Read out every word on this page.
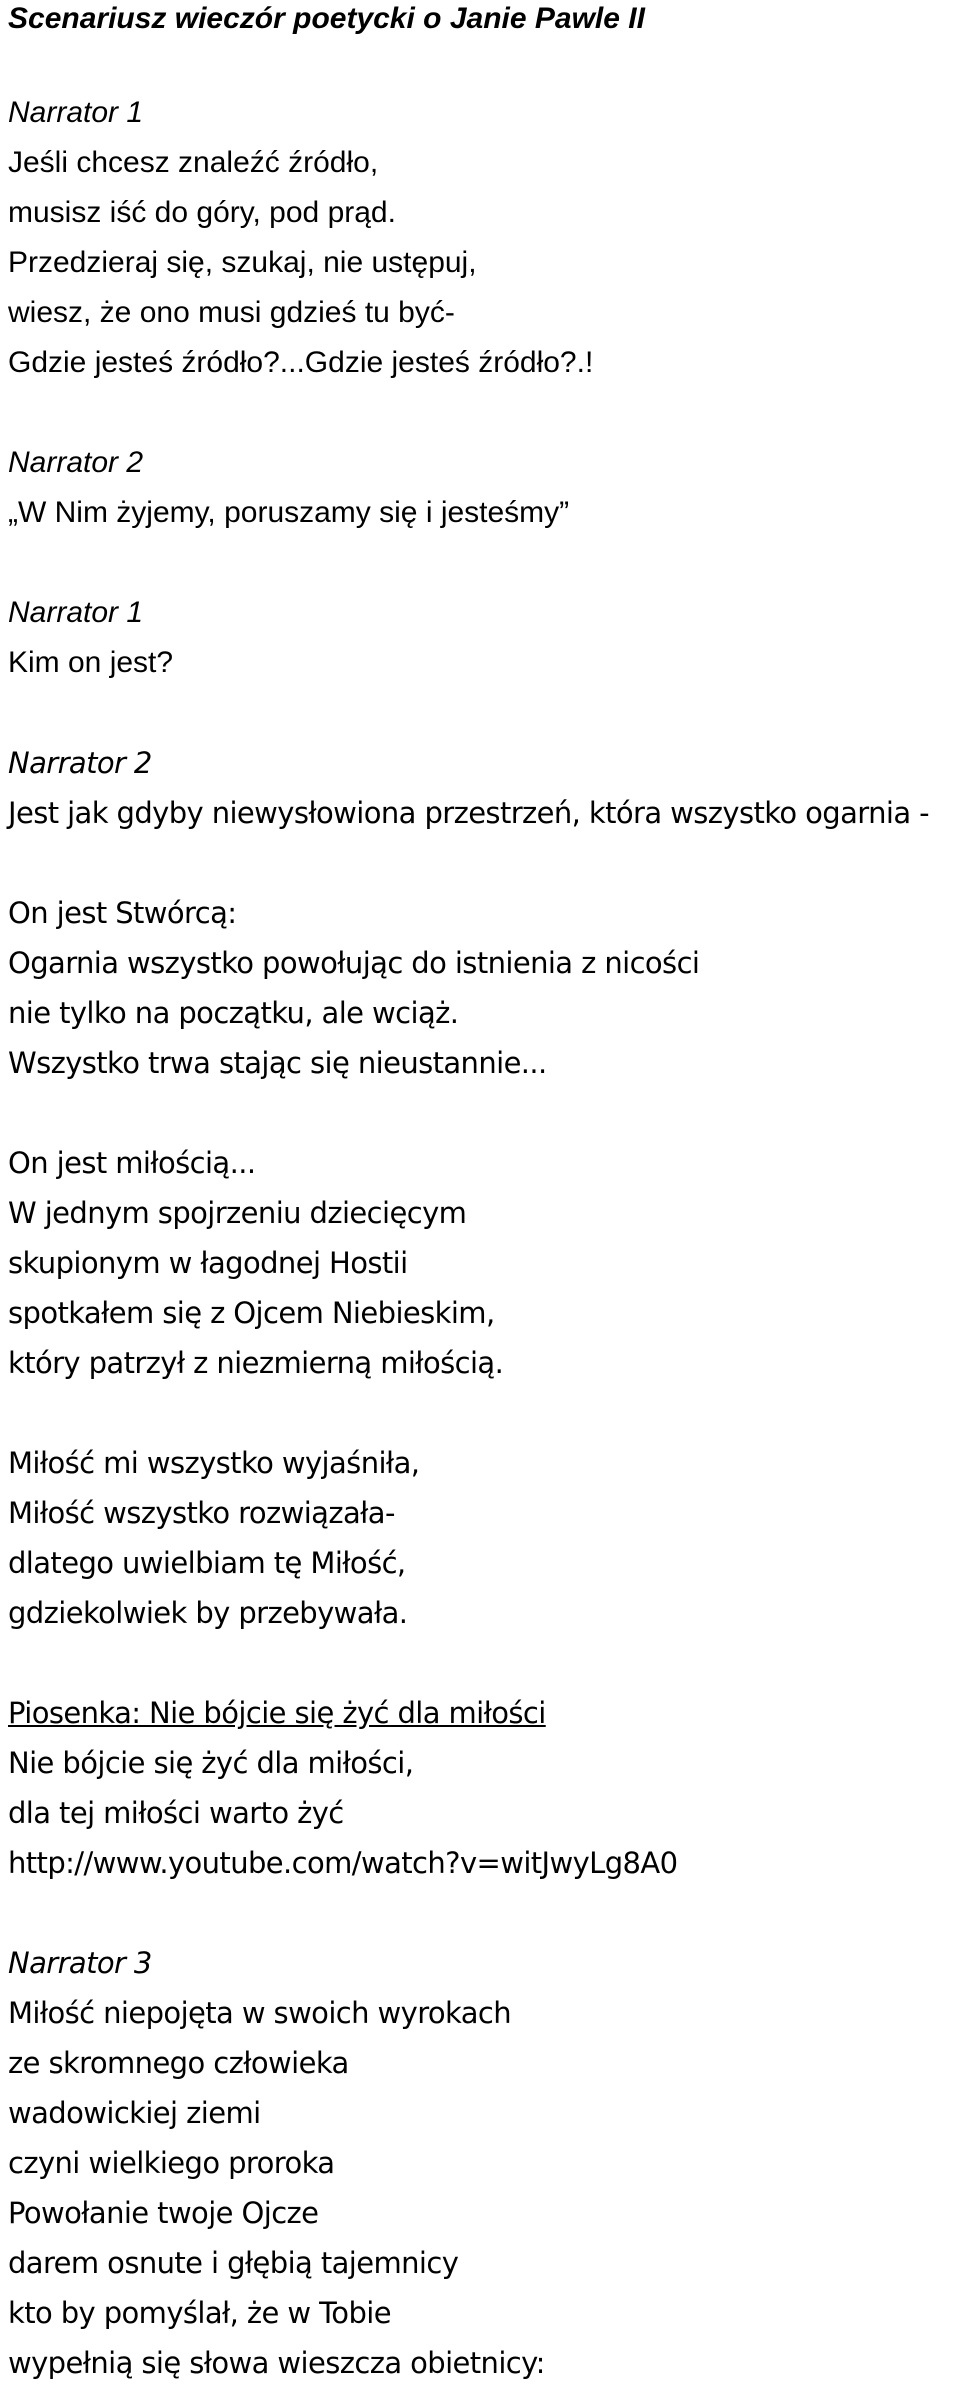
Scenariusz wieczór poetycki o Janie Pawle II
Narrator 1
Jeśli chcesz znaleźć źródło,
musisz iść do góry, pod prąd.
Przedzieraj się, szukaj, nie ustępuj,
wiesz, że ono musi gdzieś tu być-
Gdzie jesteś źródło?...Gdzie jesteś źródło?.!
Narrator 2
„W Nim żyjemy, poruszamy się i jesteśmy”
Narrator 1
Kim on jest?
Narrator 2
Jest jak gdyby niewysłowiona przestrzeń, która wszystko ogarnia -
On jest Stwórcą:
Ogarnia wszystko powołując do istnienia z nicości
nie tylko na początku, ale wciąż.
Wszystko trwa stając się nieustannie...
On jest miłością...
W jednym spojrzeniu dziecięcym
skupionym w łagodnej Hostii
spotkałem się z Ojcem Niebieskim,
który patrzył z niezmierną miłością.
Miłość mi wszystko wyjaśniła,
Miłość wszystko rozwiązała-
dlatego uwielbiam tę Miłość,
gdziekolwiek by przebywała.
Piosenka: Nie bójcie się żyć dla miłości
Nie bójcie się żyć dla miłości,
dla tej miłości warto żyć
http://www.youtube.com/watch?v=witJwyLg8A0
Narrator 3
Miłość niepojęta w swoich wyrokach
ze skromnego człowieka
wadowickiej ziemi
czyni wielkiego proroka
Powołanie twoje Ojcze
darem osnute i głębią tajemnicy
kto by pomyślał, że w Tobie
wypełnią się słowa wieszcza obietnicy:
